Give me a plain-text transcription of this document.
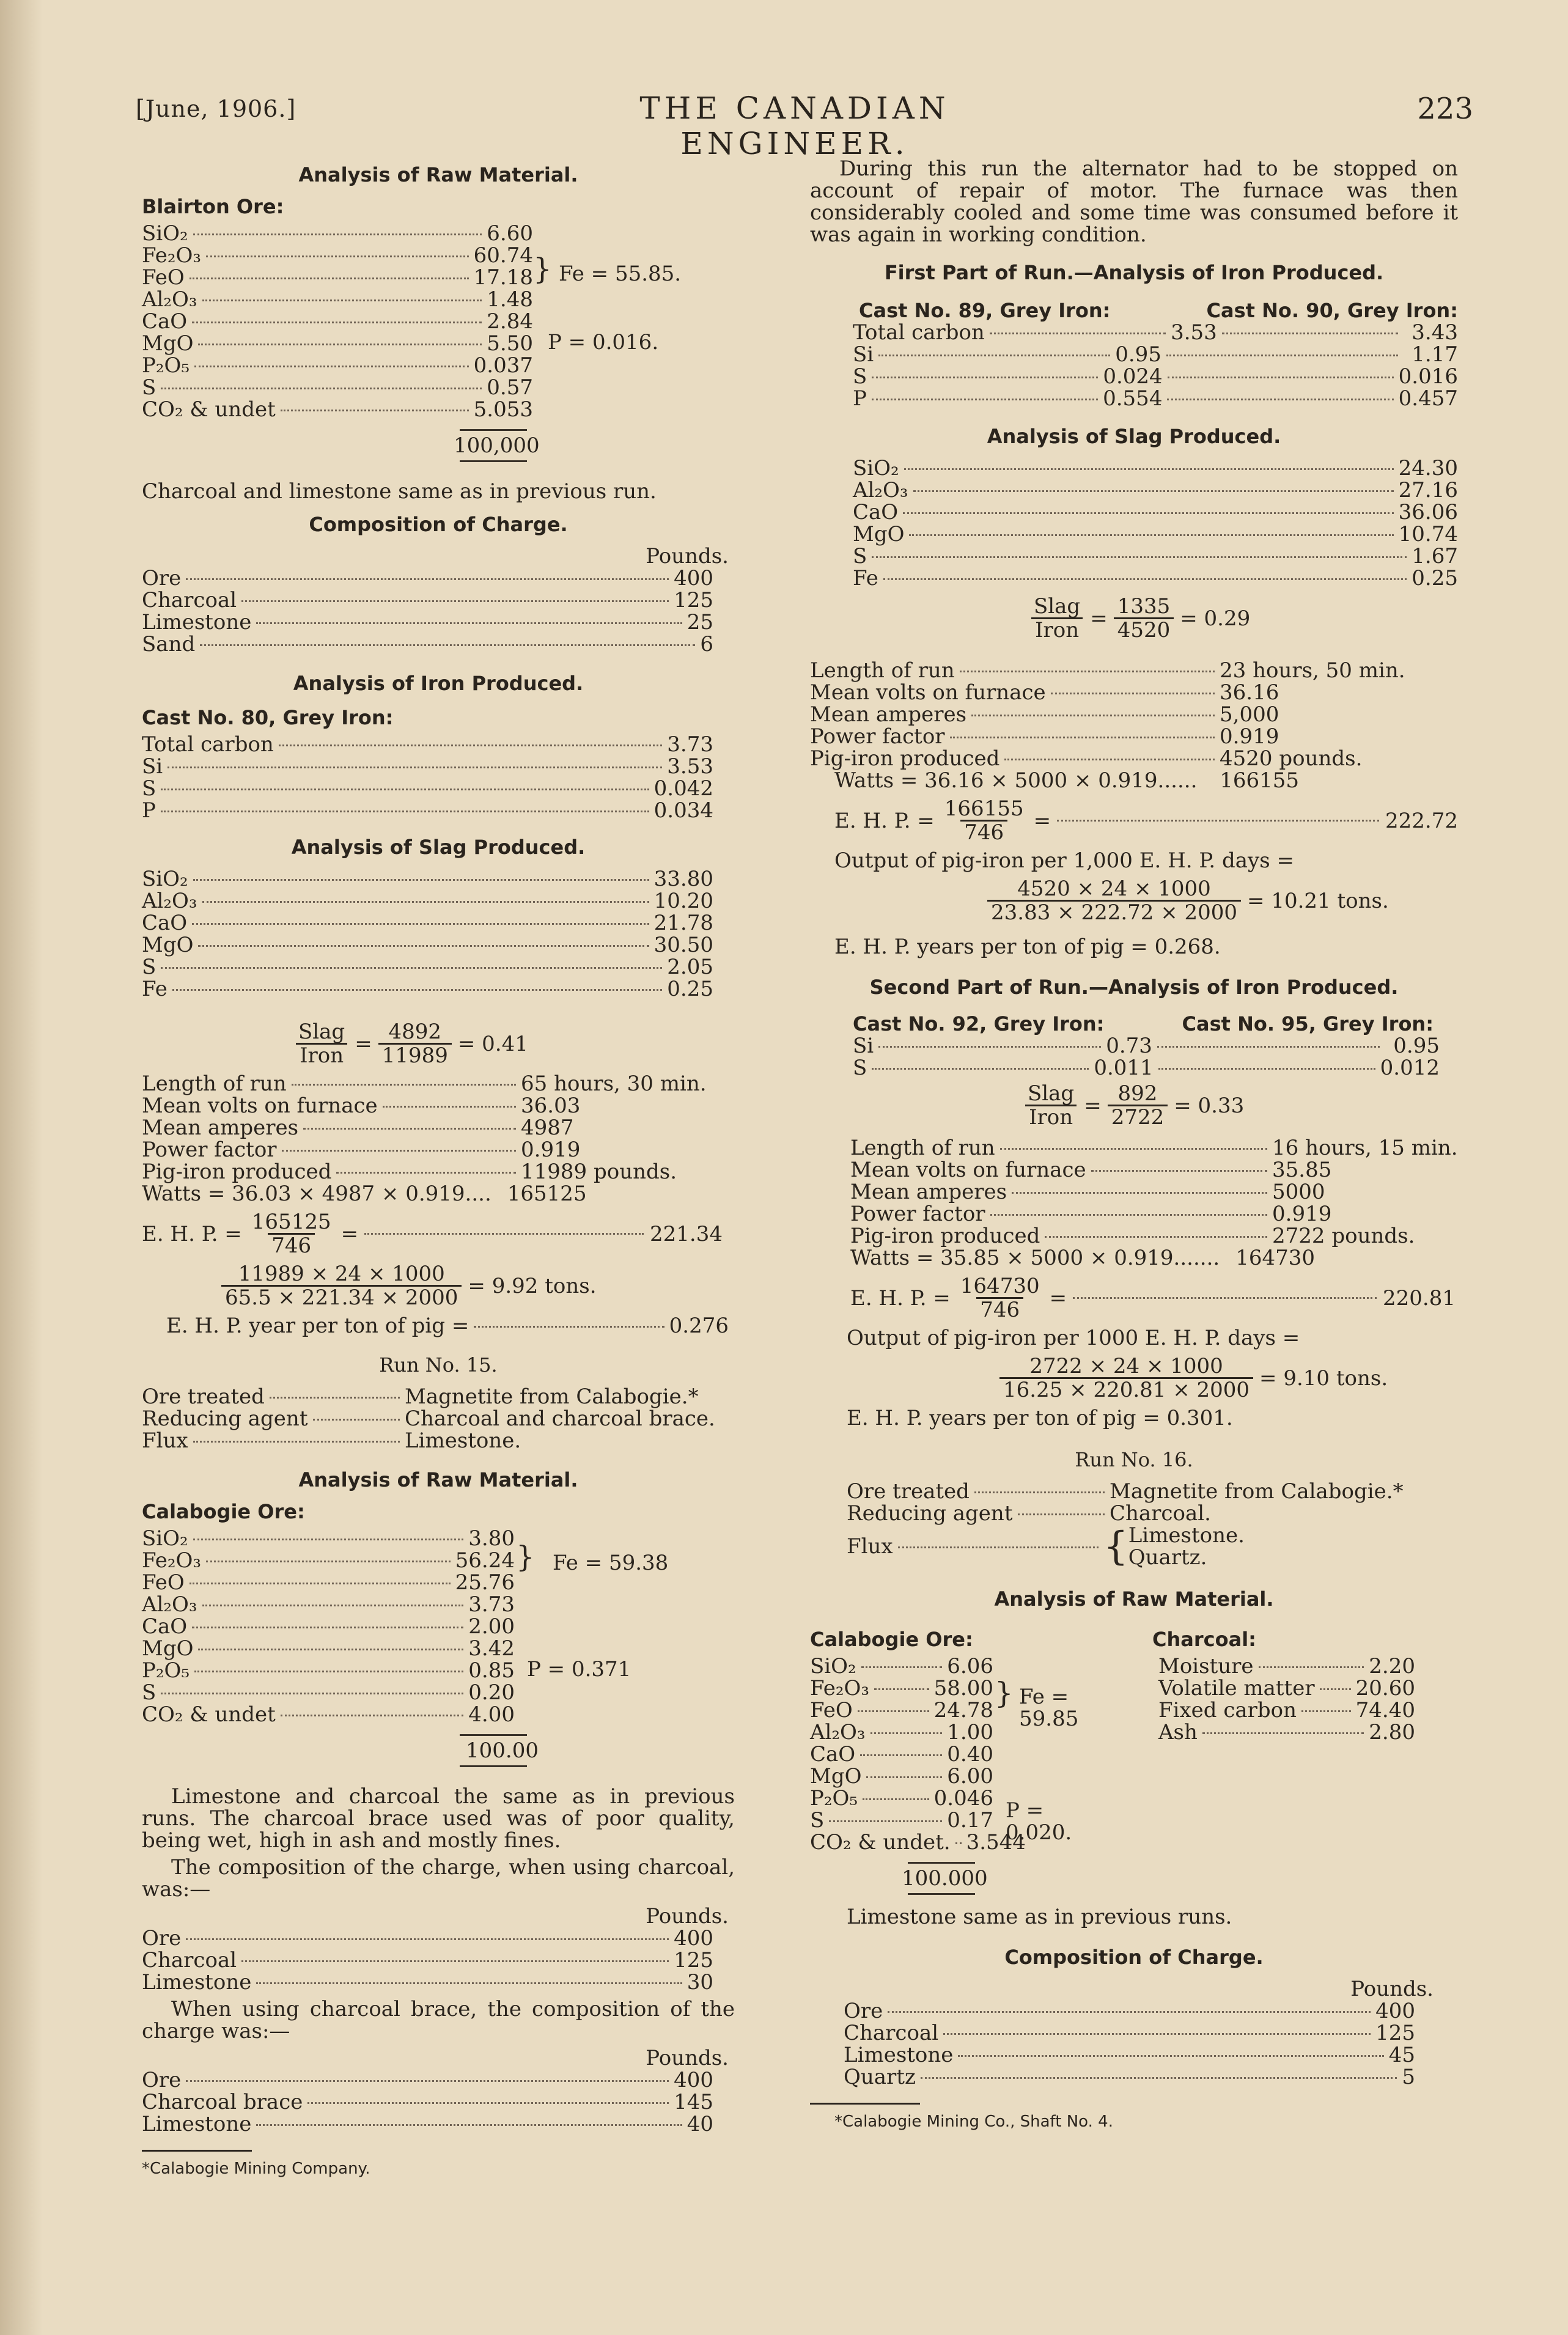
[June, 1906.]	THE CANADIAN ENGINEER.
223
Analysis of Raw Material.
Blairton Ore:
SiO₂	6.60
Fe₂O₃	60.74
FeO	17.18
Al₂O₃	1.48
CaO	2.84
MgO	5.50
P₂O₅	0.037
S	0.57
CO₂ & undet	5.053
} Fe = 55.85.
P = 0.016.
100,000
Charcoal and limestone same as in previous run.
Composition of Charge.
Pounds.
Ore	400
Charcoal	125
Limestone	25
Sand	6
Analysis of Iron Produced.
Cast No. 80, Grey Iron:
Total carbon	3.73
Si	3.53
S	0.042
P	0.034
Analysis of Slag Produced.
SiO₂	33.80
Al₂O₃	10.20
CaO	21.78
MgO	30.50
S	2.05
Fe	0.25
$\frac{\text{Slag}}{\text{Iron}} = \frac{4892}{11989} = 0.41$
Length of run	65 hours, 30 min.
Mean volts on furnace	36.03
Mean amperes	4987
Power factor	0.919
Pig-iron produced	11989 pounds.
Watts = 36.03 × 4987 × 0.919.... 165125
E. H. P. = $\frac{165125}{746}$ =	221.34
$\frac{11989 \times 24 \times 1000}{65.5 \times 221.34 \times 2000} = 9.92$ tons.
E. H. P. year per ton of pig =	0.276
Run No. 15.
Ore treated	Magnetite from Calabogie.*
Reducing agent	Charcoal and charcoal brace.
Flux	Limestone.
Analysis of Raw Material.
Calabogie Ore:
SiO₂	3.80
Fe₂O₃	56.24
FeO	25.76
Al₂O₃	3.73
CaO	2.00
MgO	3.42
P₂O₅	0.85
S	0.20
CO₂ & undet	4.00
} Fe = 59.38
P = 0.371
100.00
Limestone and charcoal the same as in previous runs. The charcoal brace used was of poor quality, being wet, high in ash and mostly fines.
The composition of the charge, when using charcoal, was:—
Pounds.
Ore	400
Charcoal	125
Limestone	30
When using charcoal brace, the composition of the charge was:—
Pounds.
Ore	400
Charcoal brace	145
Limestone	40
*Calabogie Mining Company.
During this run the alternator had to be stopped on account of repair of motor. The furnace was then considerably cooled and some time was consumed before it was again in working condition.
First Part of Run.—Analysis of Iron Produced.
Cast No. 89, Grey Iron:	Cast No. 90, Grey Iron:
Total carbon	3.53	3.43
Si	0.95	1.17
S	0.024	0.016
P	0.554	0.457
Analysis of Slag Produced.
SiO₂	24.30
Al₂O₃	27.16
CaO	36.06
MgO	10.74
S	1.67
Fe	0.25
$\frac{\text{Slag}}{\text{Iron}} = \frac{1335}{4520} = 0.29$
Length of run	23 hours, 50 min.
Mean volts on furnace	36.16
Mean amperes	5,000
Power factor	0.919
Pig-iron produced	4520 pounds.
Watts = 36.16 × 5000 × 0.919...... 166155
E. H. P. = $\frac{166155}{746}$ =	222.72
Output of pig-iron per 1,000 E. H. P. days =
$\frac{4520 \times 24 \times 1000}{23.83 \times 222.72 \times 2000} = 10.21$ tons.
E. H. P. years per ton of pig = 0.268.
Second Part of Run.—Analysis of Iron Produced.
Cast No. 92, Grey Iron:	Cast No. 95, Grey Iron:
Si	0.73	0.95
S	0.011	0.012
$\frac{\text{Slag}}{\text{Iron}} = \frac{892}{2722} = 0.33$
Length of run	16 hours, 15 min.
Mean volts on furnace	35.85
Mean amperes	5000
Power factor	0.919
Pig-iron produced	2722 pounds.
Watts = 35.85 × 5000 × 0.919....... 164730
E. H. P. = $\frac{164730}{746}$ =	220.81
Output of pig-iron per 1000 E. H. P. days =
$\frac{2722 \times 24 \times 1000}{16.25 \times 220.81 \times 2000} = 9.10$ tons.
E. H. P. years per ton of pig = 0.301.
Run No. 16.
Ore treated	Magnetite from Calabogie.*
Reducing agent	Charcoal.
Flux	{ Limestone.
Quartz.
Analysis of Raw Material.
Calabogie Ore:
SiO₂	6.06
Fe₂O₃	58.00
FeO	24.78
Al₂O₃	1.00
CaO	0.40
MgO	6.00
P₂O₅	0.046
S	0.17
CO₂ & undet. 3.544
} Fe = 59.85
P = 0.020.
100.000
Charcoal:
Moisture	2.20
Volatile matter 20.60
Fixed carbon	74.40
Ash	2.80
Limestone same as in previous runs.
Composition of Charge.
Pounds.
Ore	400
Charcoal	125
Limestone	45
Quartz	5
*Calabogie Mining Co., Shaft No. 4.
